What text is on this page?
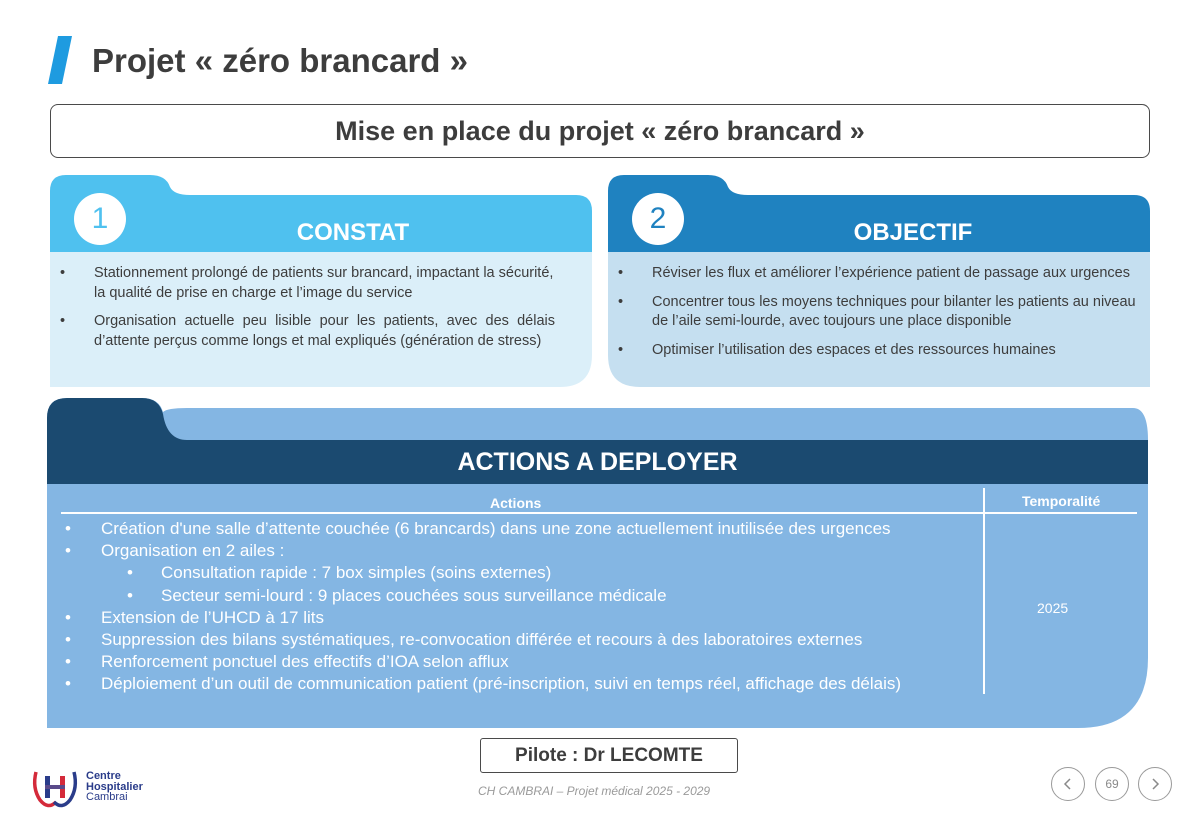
Projet « zéro brancard »
Mise en place du projet « zéro brancard »
1	CONSTAT
• Stationnement prolongé de patients sur brancard, impactant la sécurité, la qualité de prise en charge et l’image du service
• Organisation actuelle peu lisible pour les patients, avec des délais d’attente perçus comme longs et mal expliqués (génération de stress)
2	OBJECTIF
• Réviser les flux et améliorer l’expérience patient de passage aux urgences
• Concentrer tous les moyens techniques pour bilanter les patients au niveau de l’aile semi-lourde, avec toujours une place disponible
• Optimiser l’utilisation des espaces et des ressources humaines
ACTIONS A DEPLOYER
Actions	Temporalité
• Création d'une salle d’attente couchée (6 brancards) dans une zone actuellement inutilisée des urgences
• Organisation en 2 ailes :
• Consultation rapide : 7 box simples (soins externes)
• Secteur semi-lourd : 9 places couchées sous surveillance médicale
• Extension de l’UHCD à 17 lits
• Suppression des bilans systématiques, re-convocation différée et recours à des laboratoires externes
• Renforcement ponctuel des effectifs d’IOA selon afflux
• Déploiement d’un outil de communication patient (pré-inscription, suivi en temps réel, affichage des délais)
2025
Pilote : Dr LECOMTE
CH CAMBRAI – Projet médical 2025 - 2029
Centre
Hospitalier
Cambrai
69
